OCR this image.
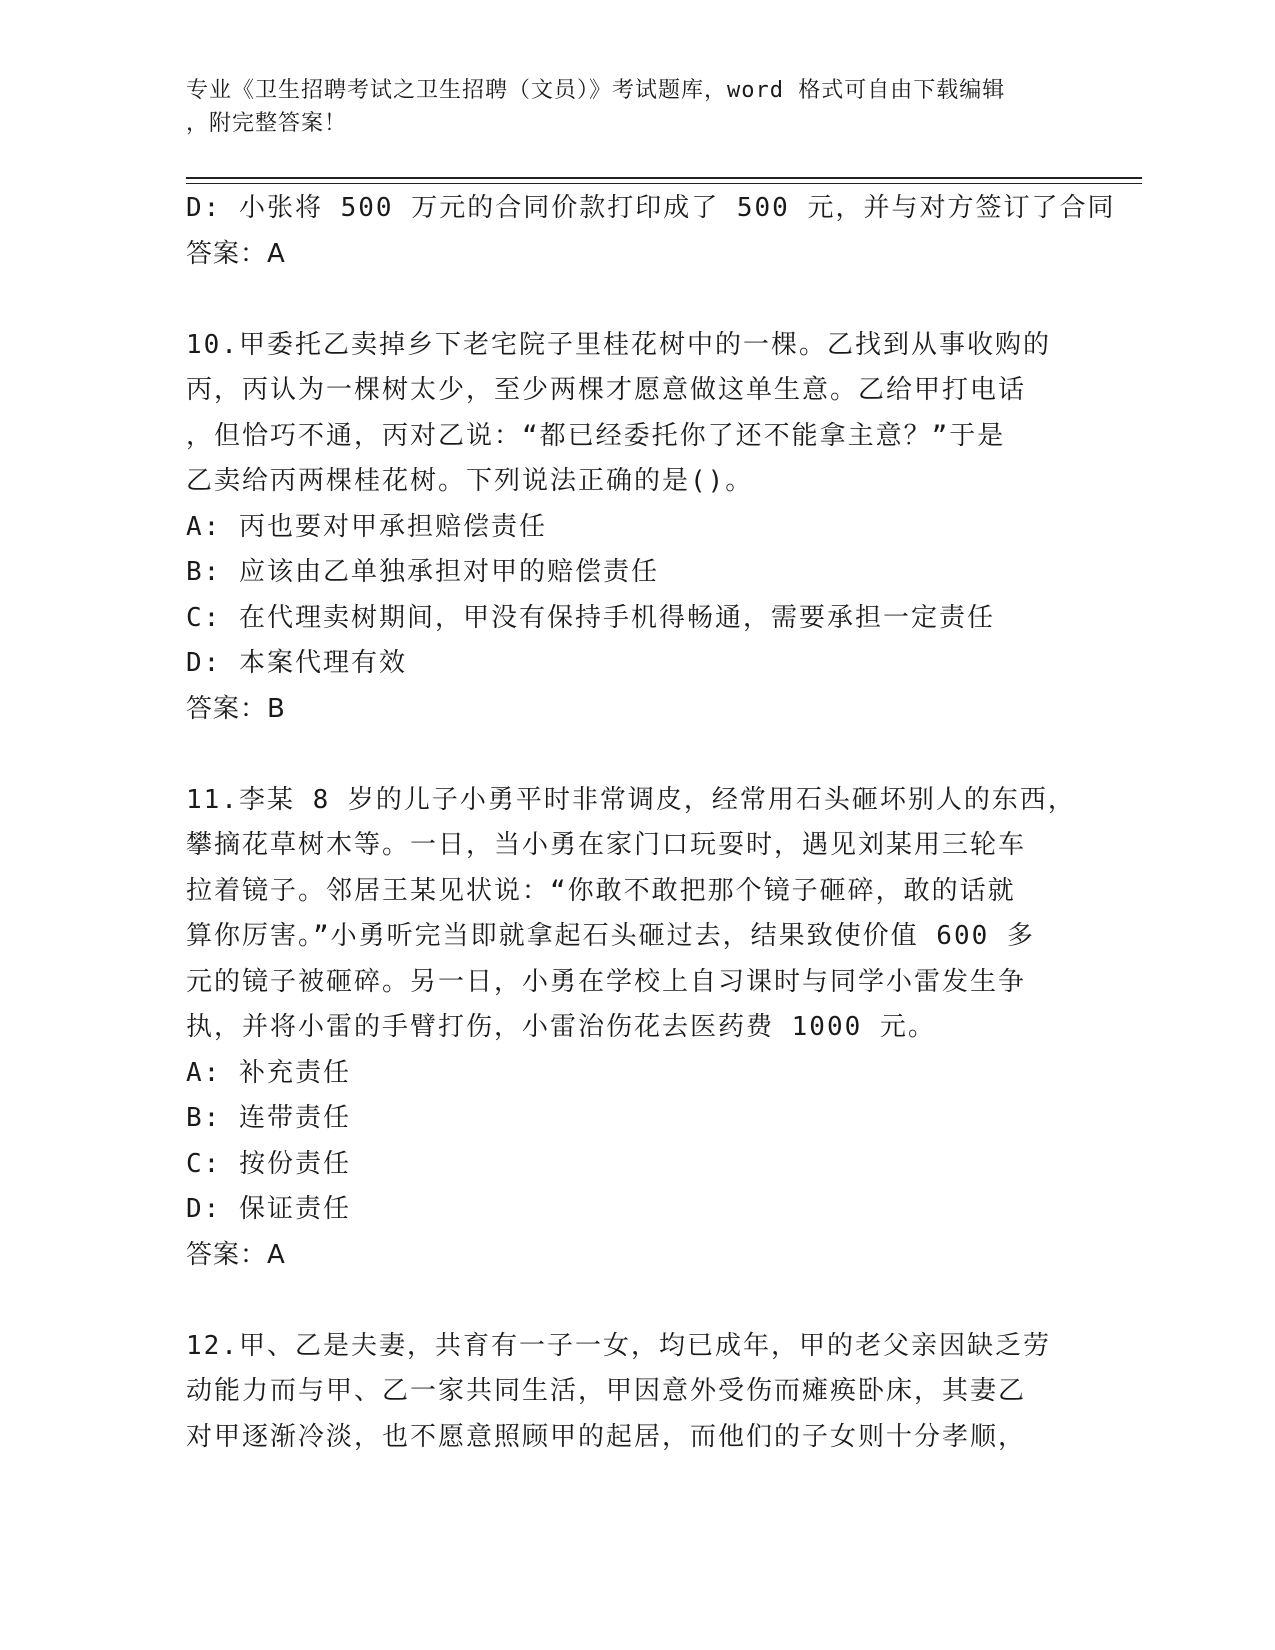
专业《卫生招聘考试之卫生招聘（文员）》考试题库，word 格式可自由下载编辑
，附完整答案！
D: 小张将 500 万元的合同价款打印成了 500 元，并与对方签订了合同
答案：A
10.甲委托乙卖掉乡下老宅院子里桂花树中的一棵。乙找到从事收购的
丙，丙认为一棵树太少，至少两棵才愿意做这单生意。乙给甲打电话
，但恰巧不通，丙对乙说：“都已经委托你了还不能拿主意？”于是
乙卖给丙两棵桂花树。下列说法正确的是()。
A: 丙也要对甲承担赔偿责任
B: 应该由乙单独承担对甲的赔偿责任
C: 在代理卖树期间，甲没有保持手机得畅通，需要承担一定责任
D: 本案代理有效
答案：B
11.李某 8 岁的儿子小勇平时非常调皮，经常用石头砸坏别人的东西，
攀摘花草树木等。一日，当小勇在家门口玩耍时，遇见刘某用三轮车
拉着镜子。邻居王某见状说：“你敢不敢把那个镜子砸碎，敢的话就
算你厉害。”小勇听完当即就拿起石头砸过去，结果致使价值 600 多
元的镜子被砸碎。另一日，小勇在学校上自习课时与同学小雷发生争
执，并将小雷的手臂打伤，小雷治伤花去医药费 1000 元。
A: 补充责任
B: 连带责任
C: 按份责任
D: 保证责任
答案：A
12.甲、乙是夫妻，共育有一子一女，均已成年，甲的老父亲因缺乏劳
动能力而与甲、乙一家共同生活，甲因意外受伤而瘫痪卧床，其妻乙
对甲逐渐冷淡，也不愿意照顾甲的起居，而他们的子女则十分孝顺，
